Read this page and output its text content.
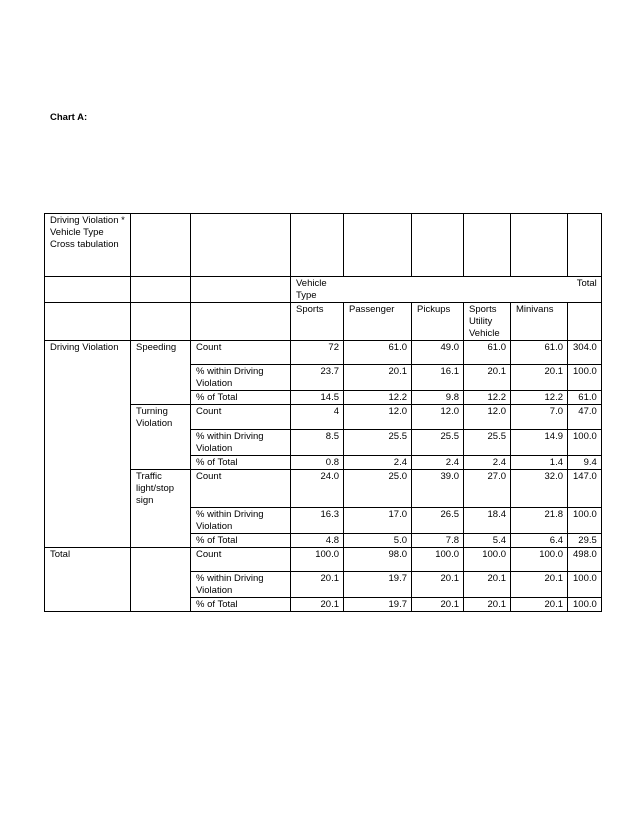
Chart A:
Driving Violation * Vehicle Type Cross tabulation								
			Vehicle Type					Total
			Sports	Passenger	Pickups	Sports Utility Vehicle	Minivans	
Driving Violation	Speeding	Count	72	61.0	49.0	61.0	61.0	304.0
		% within Driving Violation	23.7	20.1	16.1	20.1	20.1	100.0
		% of Total	14.5	12.2	9.8	12.2	12.2	61.0
	Turning Violation	Count	4	12.0	12.0	12.0	7.0	47.0
		% within Driving Violation	8.5	25.5	25.5	25.5	14.9	100.0
		% of Total	0.8	2.4	2.4	2.4	1.4	9.4
	Traffic light/stop sign	Count	24.0	25.0	39.0	27.0	32.0	147.0
		% within Driving Violation	16.3	17.0	26.5	18.4	21.8	100.0
		% of Total	4.8	5.0	7.8	5.4	6.4	29.5
Total		Count	100.0	98.0	100.0	100.0	100.0	498.0
		% within Driving Violation	20.1	19.7	20.1	20.1	20.1	100.0
		% of Total	20.1	19.7	20.1	20.1	20.1	100.0
